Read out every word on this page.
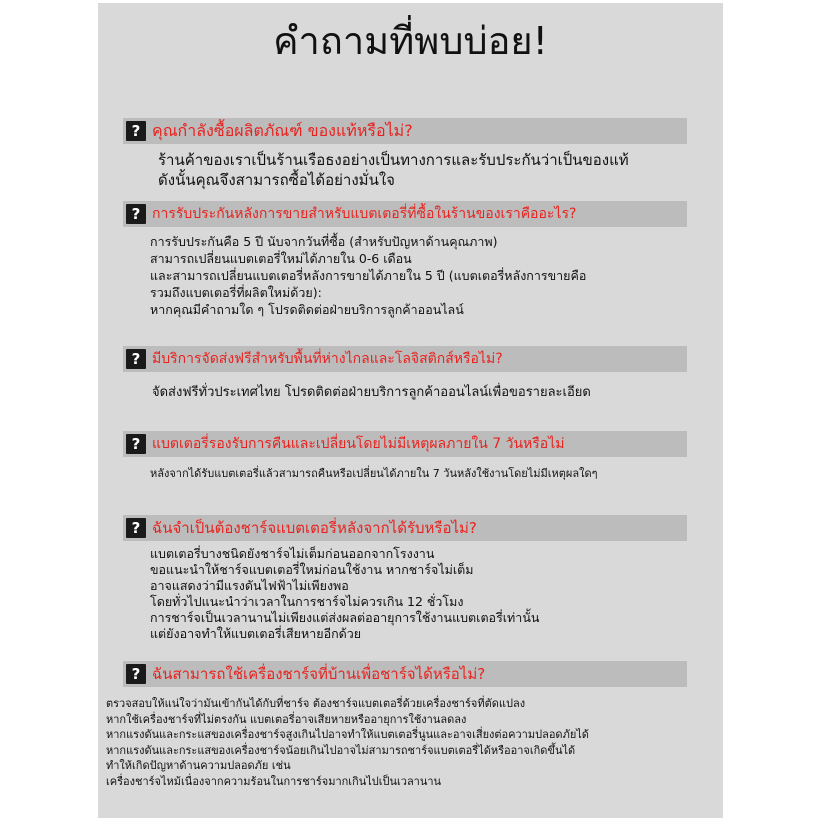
คำถามที่พบบ่อย!
? คุณกำลังซื้อผลิตภัณฑ์ ของแท้หรือไม่?
ร้านค้าของเราเป็นร้านเรือธงอย่างเป็นทางการและรับประกันว่าเป็นของแท้
ดังนั้นคุณจึงสามารถซื้อได้อย่างมั่นใจ
? การรับประกันหลังการขายสำหรับแบตเตอรี่ที่ซื้อในร้านของเราคืออะไร?
การรับประกันคือ 5 ปี นับจากวันที่ซื้อ (สำหรับปัญหาด้านคุณภาพ)
สามารถเปลี่ยนแบตเตอรี่ใหม่ได้ภายใน 0-6 เดือน
และสามารถเปลี่ยนแบตเตอรี่หลังการขายได้ภายใน 5 ปี (แบตเตอรี่หลังการขายคือ
รวมถึงแบตเตอรี่ที่ผลิตใหม่ด้วย):
หากคุณมีคำถามใด ๆ โปรดติดต่อฝ่ายบริการลูกค้าออนไลน์
? มีบริการจัดส่งฟรีสำหรับพื้นที่ห่างไกลและโลจิสติกส์หรือไม่?
จัดส่งฟรีทั่วประเทศไทย โปรดติดต่อฝ่ายบริการลูกค้าออนไลน์เพื่อขอรายละเอียด
? แบตเตอรี่รองรับการคืนและเปลี่ยนโดยไม่มีเหตุผลภายใน 7 วันหรือไม่
หลังจากได้รับแบตเตอรี่แล้วสามารถคืนหรือเปลี่ยนได้ภายใน 7 วันหลังใช้งานโดยไม่มีเหตุผลใดๆ
? ฉันจำเป็นต้องชาร์จแบตเตอรี่หลังจากได้รับหรือไม่?
แบตเตอรี่บางชนิดยังชาร์จไม่เต็มก่อนออกจากโรงงาน
ขอแนะนำให้ชาร์จแบตเตอรี่ใหม่ก่อนใช้งาน หากชาร์จไม่เต็ม
อาจแสดงว่ามีแรงดันไฟฟ้าไม่เพียงพอ
โดยทั่วไปแนะนำว่าเวลาในการชาร์จไม่ควรเกิน 12 ชั่วโมง
การชาร์จเป็นเวลานานไม่เพียงแต่ส่งผลต่ออายุการใช้งานแบตเตอรี่เท่านั้น
แต่ยังอาจทำให้แบตเตอรี่เสียหายอีกด้วย
? ฉันสามารถใช้เครื่องชาร์จที่บ้านเพื่อชาร์จได้หรือไม่?
ตรวจสอบให้แน่ใจว่ามันเข้ากันได้กับที่ชาร์จ ต้องชาร์จแบตเตอรี่ด้วยเครื่องชาร์จที่ตัดแปลง
หากใช้เครื่องชาร์จที่ไม่ตรงกัน แบตเตอรี่อาจเสียหายหรืออายุการใช้งานลดลง
หากแรงดันและกระแสของเครื่องชาร์จสูงเกินไปอาจทำให้แบตเตอรี่นูนและอาจเสี่ยงต่อความปลอดภัยได้
หากแรงดันและกระแสของเครื่องชาร์จน้อยเกินไปอาจไม่สามารถชาร์จแบตเตอรี่ได้หรืออาจเกิดขึ้นได้
ทำให้เกิดปัญหาด้านความปลอดภัย เช่น
เครื่องชาร์จไหม้เนื่องจากความร้อนในการชาร์จมากเกินไปเป็นเวลานาน
